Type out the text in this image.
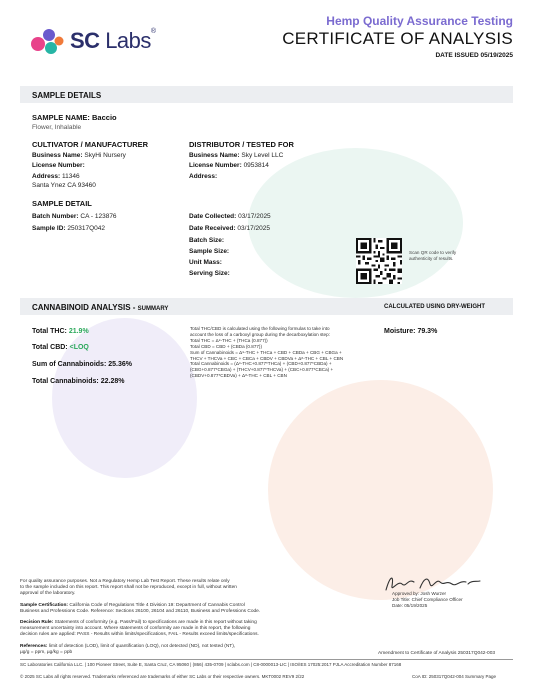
SC Labs®
Hemp Quality Assurance Testing
CERTIFICATE OF ANALYSIS
DATE ISSUED 05/19/2025
SAMPLE DETAILS
SAMPLE NAME: Baccio
Flower, Inhalable
CULTIVATOR / MANUFACTURER
Business Name: SkyHi Nursery
License Number:
Address: 11346
Santa Ynez CA 93460
DISTRIBUTOR / TESTED FOR
Business Name: Sky Level LLC
License Number: 0953814
Address:
SAMPLE DETAIL
Batch Number: CA - 123876
Sample ID: 250317Q042
Date Collected: 03/17/2025
Date Received: 03/17/2025
Batch Size:
Sample Size:
Unit Mass:
Serving Size:
Scan QR code to verify
authenticity of results.
CANNABINOID ANALYSIS - SUMMARY	CALCULATED USING DRY-WEIGHT
Total THC: 21.9%
Total CBD: <LOQ
Sum of Cannabinoids: 25.36%
Total Cannabinoids: 22.28%
Total THC/CBD is calculated using the following formulas to take into
account the loss of a carboxyl group during the decarboxylation step:
Total THC = Δ⁹-THC + (THCa (0.877))
Total CBD = CBD + (CBDa (0.877))
Sum of Cannabinoids = Δ⁹-THC + THCa + CBD + CBDa + CBG + CBGa +
THCV + THCVa + CBC + CBCa + CBDV + CBDVa + Δ⁸-THC + CBL + CBN
Total Cannabinoids = (Δ⁹-THC+0.877*THCa) + (CBD+0.877*CBDa) +
(CBG+0.877*CBGa) + (THCV+0.877*THCVa) + (CBC+0.877*CBCa) +
(CBDV+0.877*CBDVa) + Δ⁸-THC + CBL + CBN
Moisture: 79.3%
For quality assurance purposes. Not a Regulatory Hemp Lab Test Report. These results relate only
to the sample included on this report. This report shall not be reproduced, except in full, without written
approval of the laboratory.
Sample Certification: California Code of Regulations Title 4 Division 19: Department of Cannabis Control
Business and Professions Code. Reference: Sections 26100, 26104 and 26110, Business and Professions Code.
Decision Rule: Statements of conformity (e.g. Pass/Fail) to specifications are made in this report without taking
measurement uncertainty into account. Where statements of conformity are made in this report, the following
decision rules are applied: PASS - Results within limits/specifications, FAIL - Results exceed limits/specifications.
References: limit of detection (LOD), limit of quantification (LOQ), not detected (ND), not tested (NT),
µg/g = ppm, µg/kg = ppb
Approved by: Josh Wurzer
Job Title: Chief Compliance Officer
Date: 05/19/2025
Amendment to Certificate of Analysis 250317Q042-003
SC Laboratories California LLC. | 100 Pioneer Street, Suite E, Santa Cruz, CA 95060 | (866) 435-0709 | sclabs.com | C8-0000013-LIC | ISO/IES 17025:2017 PJLA Accreditation Number 87168
© 2025 SC Labs all rights reserved. Trademarks referenced are trademarks of either SC Labs or their respective owners. MKT0002 REV9 2/22	CoA ID: 250317Q042-004 Summary Page
